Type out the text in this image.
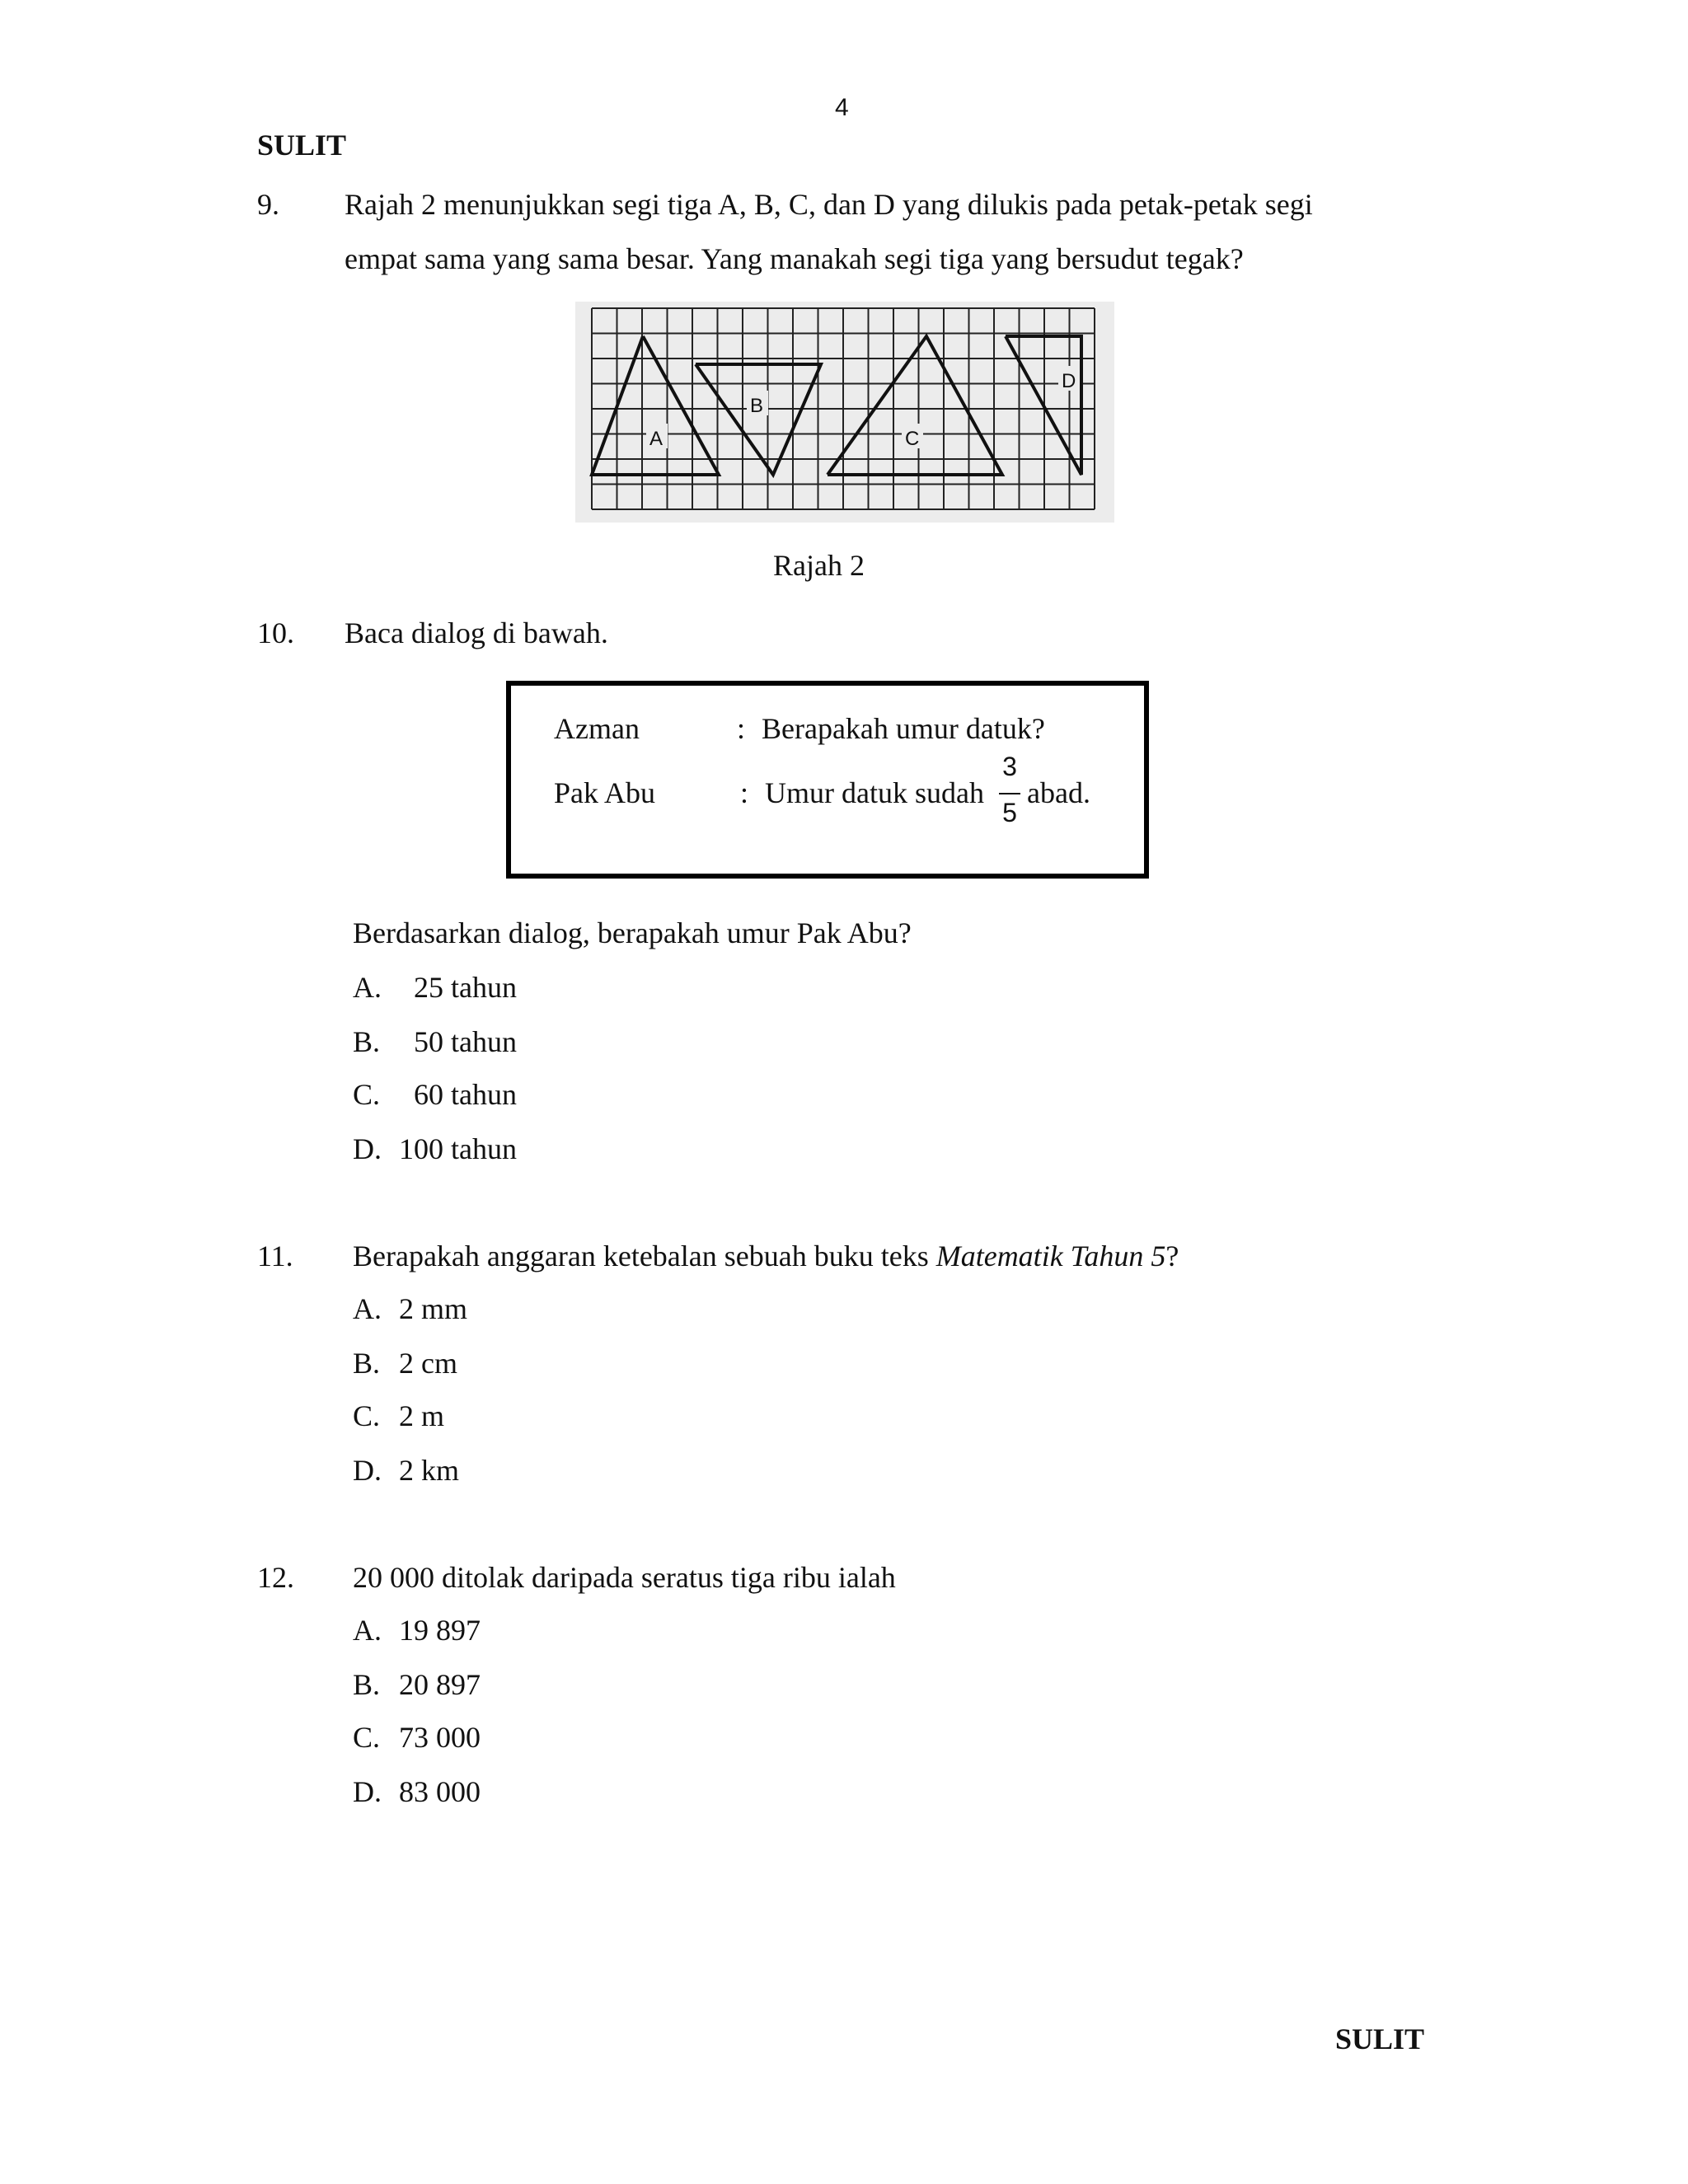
4
SULIT
9. Rajah 2 menunjukkan segi tiga A, B, C, dan D yang dilukis pada petak-petak segi
empat sama yang sama besar. Yang manakah segi tiga yang bersudut tegak?
A
B
C
D
Rajah 2
10. Baca dialog di bawah.
Azman	: Berapakah umur datuk?
Pak Abu	: Umur datuk sudah
3
5
abad.
Berdasarkan dialog, berapakah umur Pak Abu?
A. 25 tahun
B. 50 tahun
C. 60 tahun
D. 100 tahun
11. Berapakah anggaran ketebalan sebuah buku teks Matematik Tahun 5?
A. 2 mm
B. 2 cm
C. 2 m
D. 2 km
12. 20 000 ditolak daripada seratus tiga ribu ialah
A. 19 897
B. 20 897
C. 73 000
D. 83 000
SULIT
